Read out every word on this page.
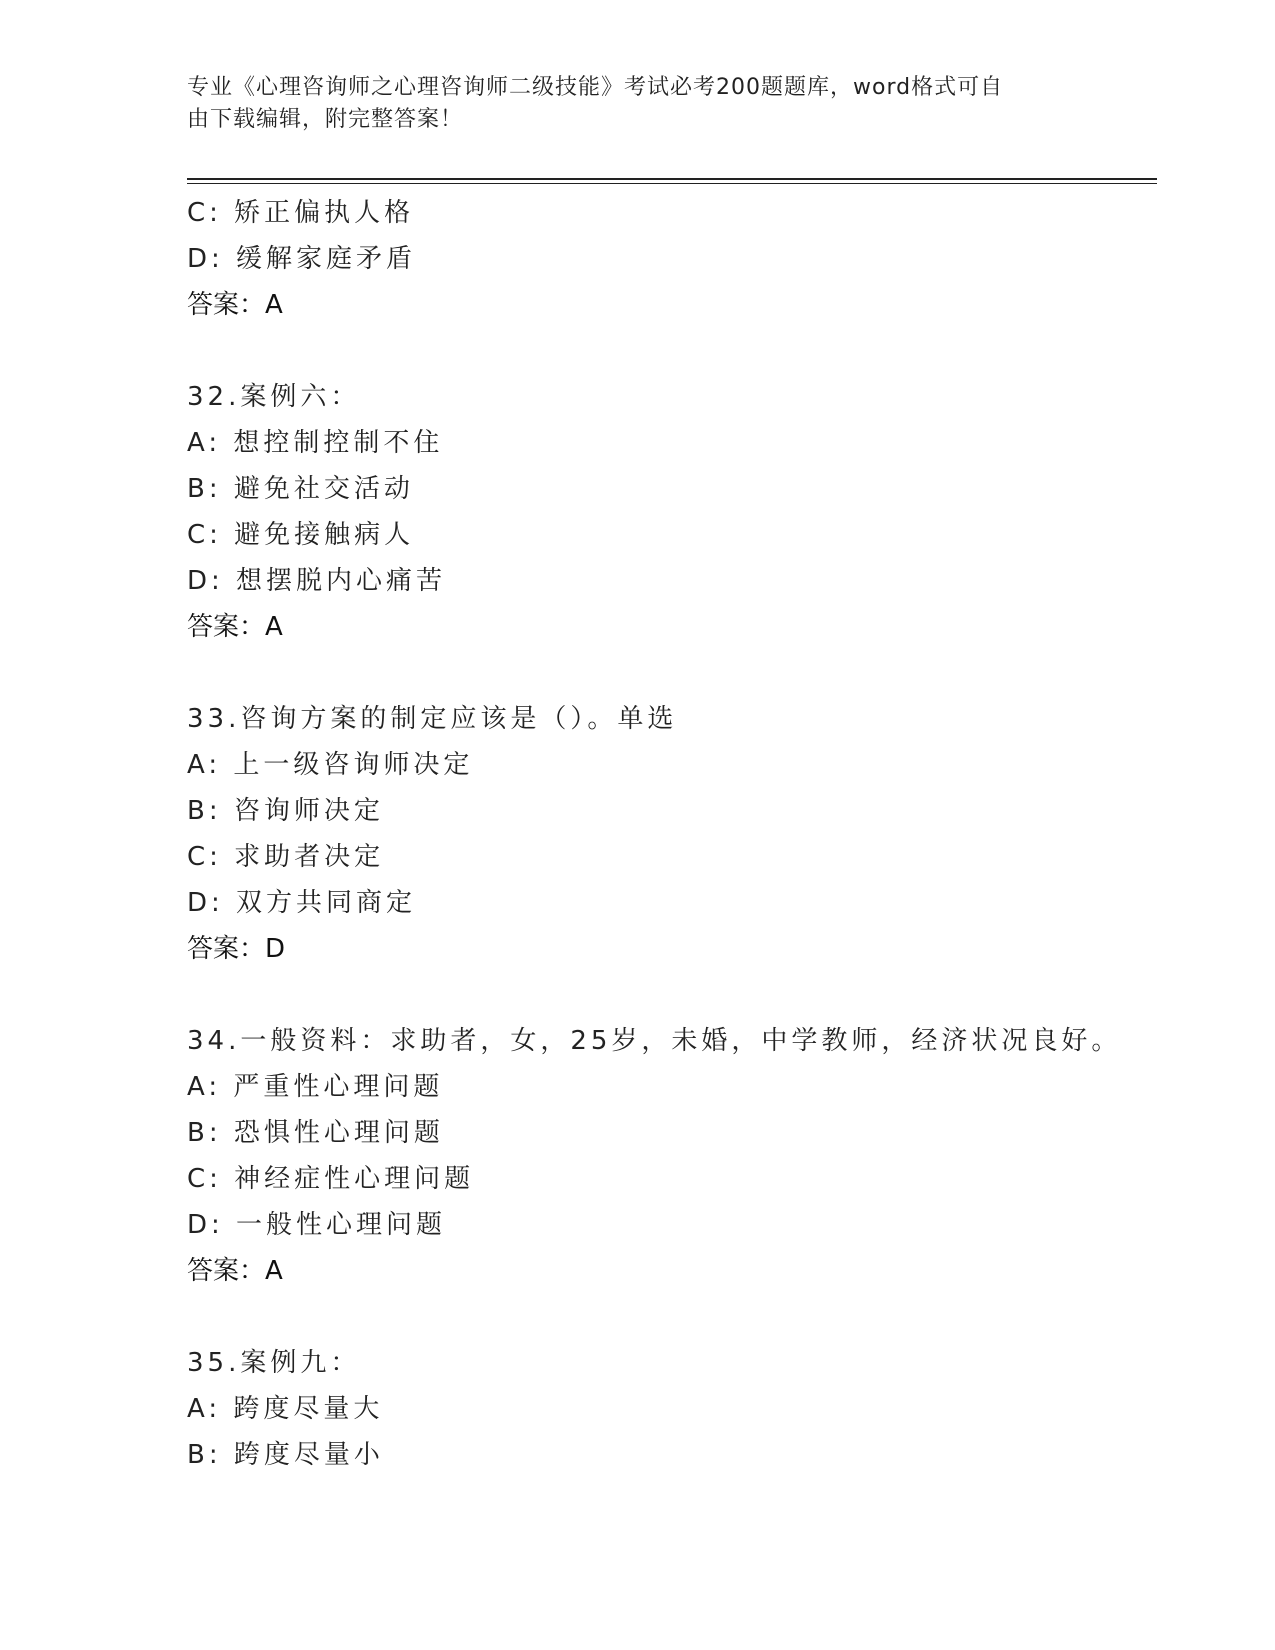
专业《心理咨询师之心理咨询师二级技能》考试必考200题题库，word格式可自
由下载编辑，附完整答案！
C: 矫正偏执人格
D: 缓解家庭矛盾
答案：A
32.案例六：
A: 想控制控制不住
B: 避免社交活动
C: 避免接触病人
D: 想摆脱内心痛苦
答案：A
33.咨询方案的制定应该是（）。单选
A: 上一级咨询师决定
B: 咨询师决定
C: 求助者决定
D: 双方共同商定
答案：D
34.一般资料：求助者，女，25岁，未婚，中学教师，经济状况良好。
A: 严重性心理问题
B: 恐惧性心理问题
C: 神经症性心理问题
D: 一般性心理问题
答案：A
35.案例九：
A: 跨度尽量大
B: 跨度尽量小
